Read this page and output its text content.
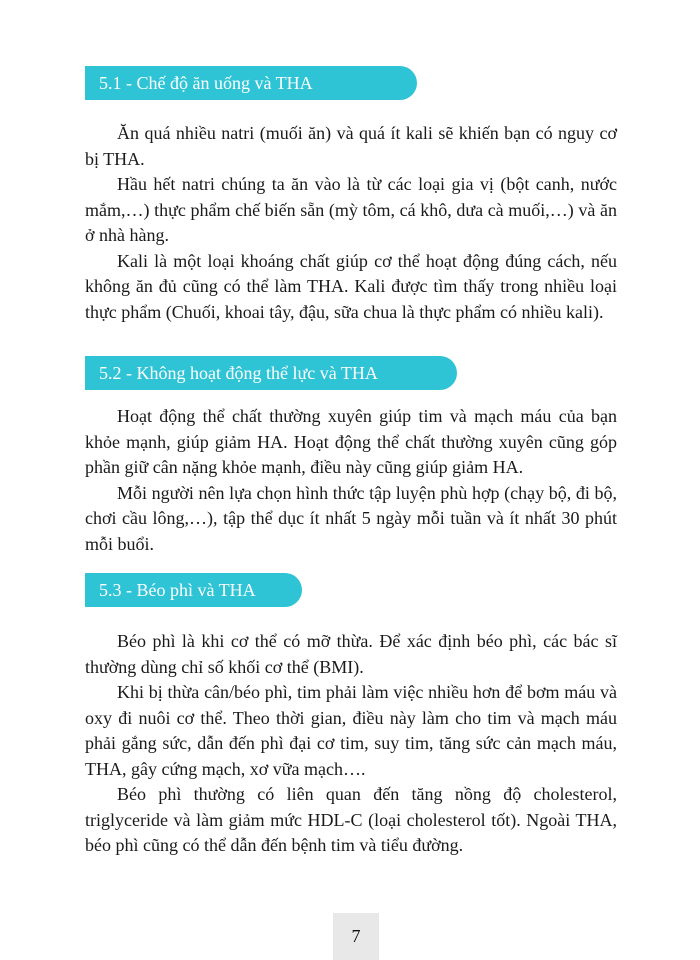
5.1 - Chế độ ăn uống và THA

Ăn quá nhiều natri (muối ăn) và quá ít kali sẽ khiến bạn có nguy cơ bị THA.

Hầu hết natri chúng ta ăn vào là từ các loại gia vị (bột canh, nước mắm,…) thực phẩm chế biến sẵn (mỳ tôm, cá khô, dưa cà muối,…) và ăn ở nhà hàng.

Kali là một loại khoáng chất giúp cơ thể hoạt động đúng cách, nếu không ăn đủ cũng có thể làm THA. Kali được tìm thấy trong nhiều loại thực phẩm (Chuối, khoai tây, đậu, sữa chua là thực phẩm có nhiều kali).

5.2 - Không hoạt động thể lực và THA

Hoạt động thể chất thường xuyên giúp tim và mạch máu của bạn khỏe mạnh, giúp giảm HA. Hoạt động thể chất thường xuyên cũng góp phần giữ cân nặng khỏe mạnh, điều này cũng giúp giảm HA.

Mỗi người nên lựa chọn hình thức tập luyện phù hợp (chạy bộ, đi bộ, chơi cầu lông,…), tập thể dục ít nhất 5 ngày mỗi tuần và ít nhất 30 phút mỗi buổi.

5.3 - Béo phì và THA

Béo phì là khi cơ thể có mỡ thừa. Để xác định béo phì, các bác sĩ thường dùng chỉ số khối cơ thể (BMI).

Khi bị thừa cân/béo phì, tim phải làm việc nhiều hơn để bơm máu và oxy đi nuôi cơ thể. Theo thời gian, điều này làm cho tim và mạch máu phải gắng sức, dẫn đến phì đại cơ tim, suy tim, tăng sức cản mạch máu, THA, gây cứng mạch, xơ vữa mạch….

Béo phì thường có liên quan đến tăng nồng độ cholesterol, triglyceride và làm giảm mức HDL-C (loại cholesterol tốt). Ngoài THA, béo phì cũng có thể dẫn đến bệnh tim và tiểu đường.

7
